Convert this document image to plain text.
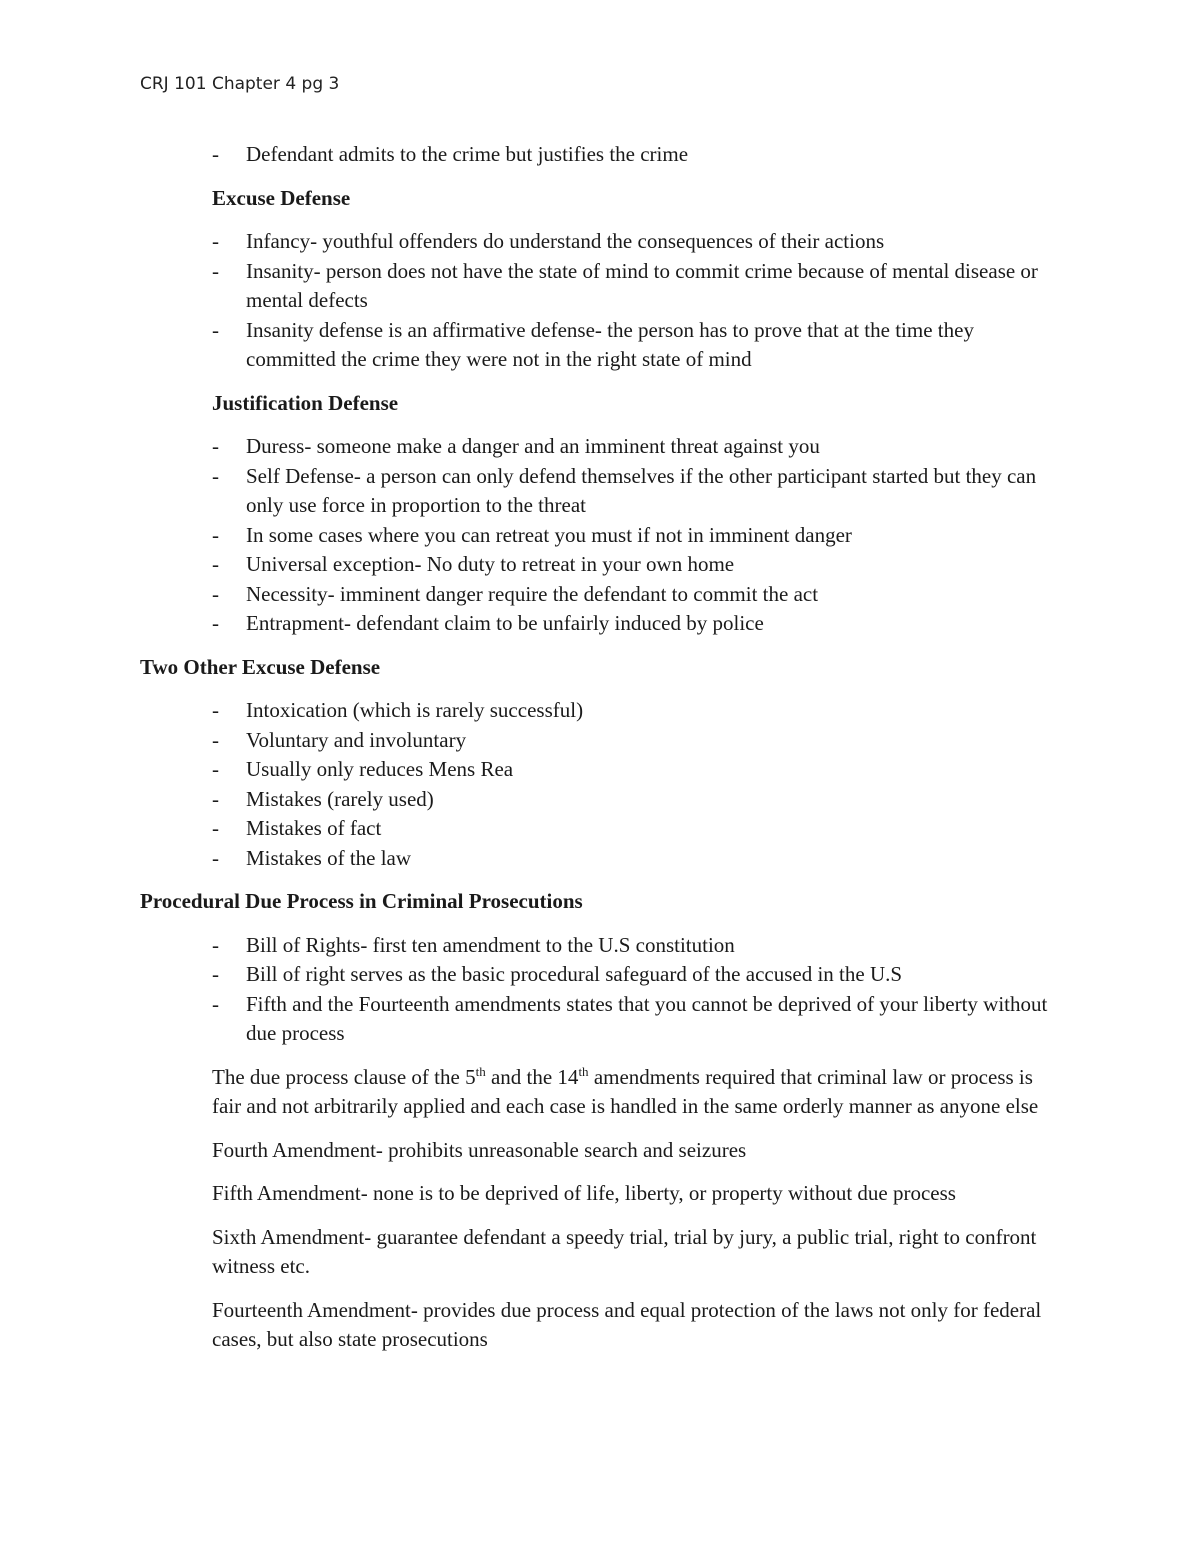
CRJ 101 Chapter 4 pg 3
- Defendant admits to the crime but justifies the crime
Excuse Defense
- Infancy- youthful offenders do understand the consequences of their actions
- Insanity- person does not have the state of mind to commit crime because of mental disease or mental defects
- Insanity defense is an affirmative defense- the person has to prove that at the time they committed the crime they were not in the right state of mind
Justification Defense
- Duress- someone make a danger and an imminent threat against you
- Self Defense- a person can only defend themselves if the other participant started but they can only use force in proportion to the threat
- In some cases where you can retreat you must if not in imminent danger
- Universal exception- No duty to retreat in your own home
- Necessity- imminent danger require the defendant to commit the act
- Entrapment- defendant claim to be unfairly induced by police
Two Other Excuse Defense
- Intoxication (which is rarely successful)
- Voluntary and involuntary
- Usually only reduces Mens Rea
- Mistakes (rarely used)
- Mistakes of fact
- Mistakes of the law
Procedural Due Process in Criminal Prosecutions
- Bill of Rights- first ten amendment to the U.S constitution
- Bill of right serves as the basic procedural safeguard of the accused in the U.S
- Fifth and the Fourteenth amendments states that you cannot be deprived of your liberty without due process

The due process clause of the 5th and the 14th amendments required that criminal law or process is fair and not arbitrarily applied and each case is handled in the same orderly manner as anyone else

Fourth Amendment- prohibits unreasonable search and seizures

Fifth Amendment- none is to be deprived of life, liberty, or property without due process

Sixth Amendment- guarantee defendant a speedy trial, trial by jury, a public trial, right to confront witness etc.

Fourteenth Amendment- provides due process and equal protection of the laws not only for federal cases, but also state prosecutions
